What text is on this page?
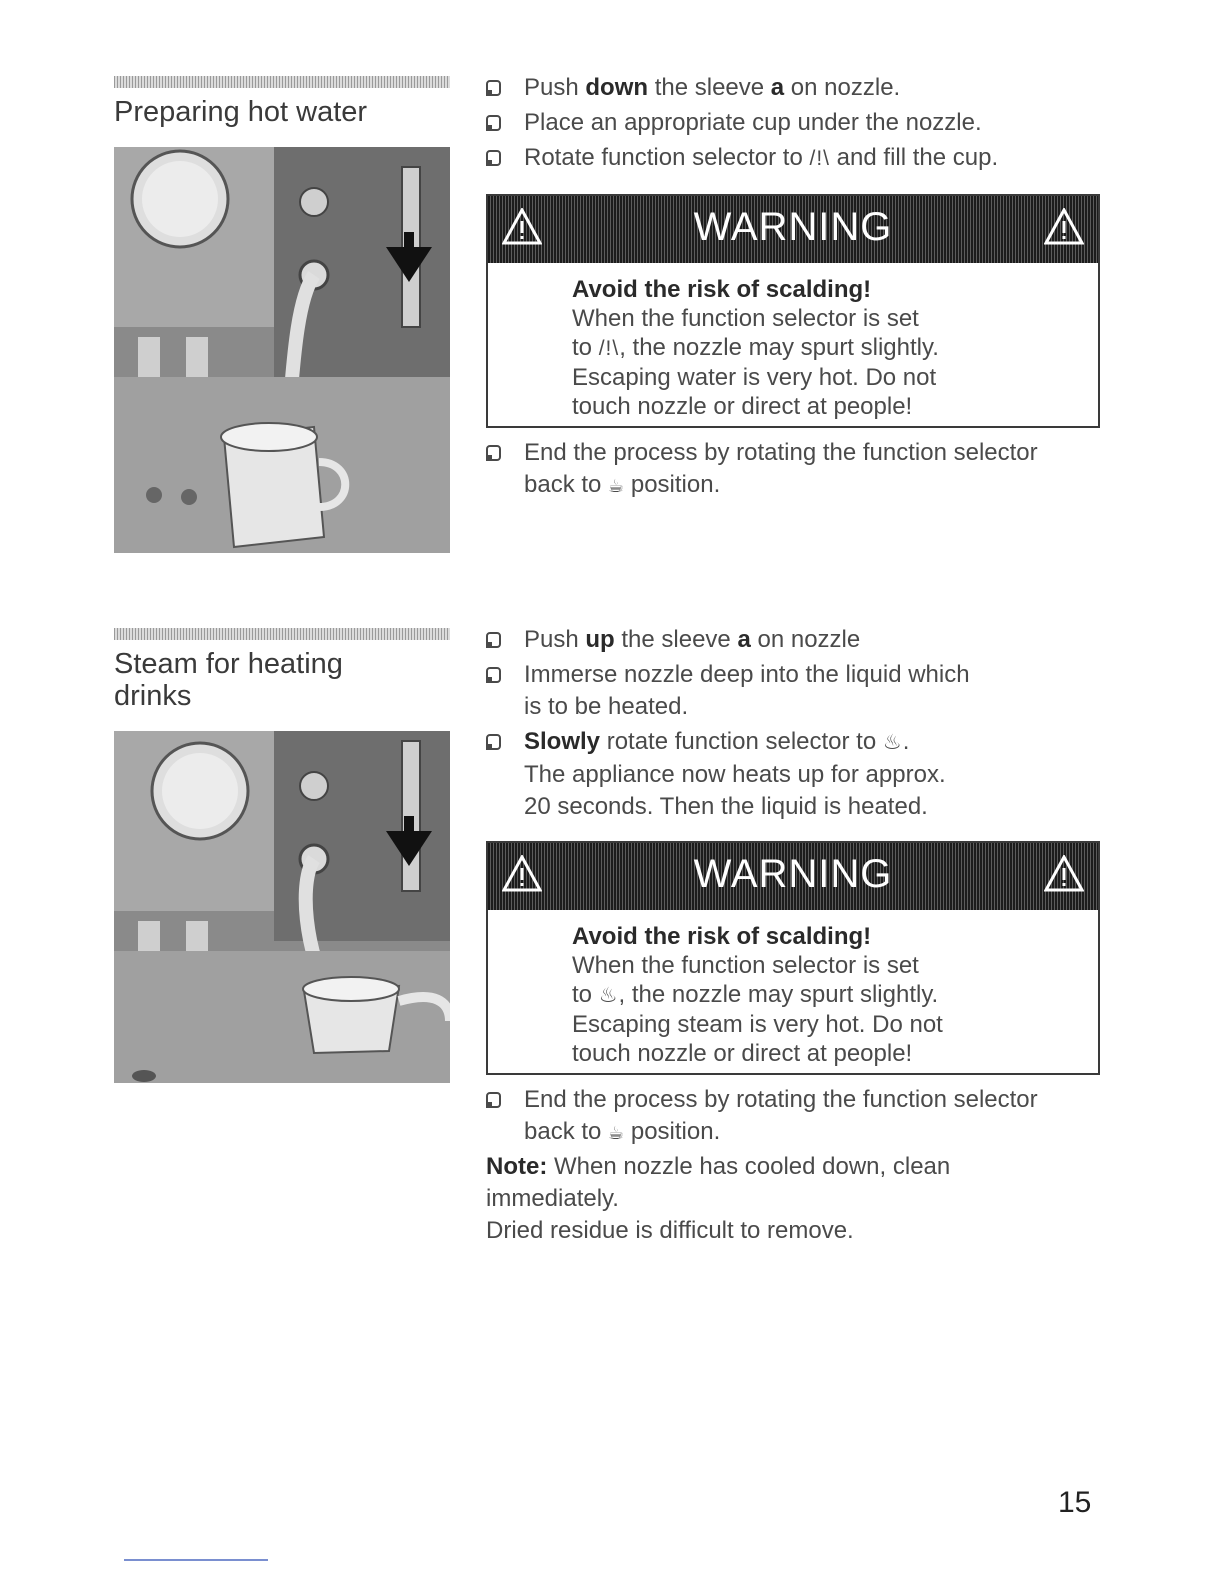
Preparing hot water

Push down the sleeve a on nozzle.

Place an appropriate cup under the nozzle.

Rotate function selector to /!\ and fill the cup.

WARNING
Avoid the risk of scalding!
When the function selector is set
to /!\, the nozzle may spurt slightly.
Escaping water is very hot. Do not
touch nozzle or direct at people!

End the process by rotating the function selector
back to ☕ position.

Steam for heating
drinks

Push up the sleeve a on nozzle

Immerse nozzle deep into the liquid which
is to be heated.

Slowly rotate function selector to ♨.
The appliance now heats up for approx.
20 seconds. Then the liquid is heated.

WARNING
Avoid the risk of scalding!
When the function selector is set
to ♨, the nozzle may spurt slightly.
Escaping steam is very hot. Do not
touch nozzle or direct at people!

End the process by rotating the function selector
back to ☕ position.

Note: When nozzle has cooled down, clean
immediately.
Dried residue is difficult to remove.
15
